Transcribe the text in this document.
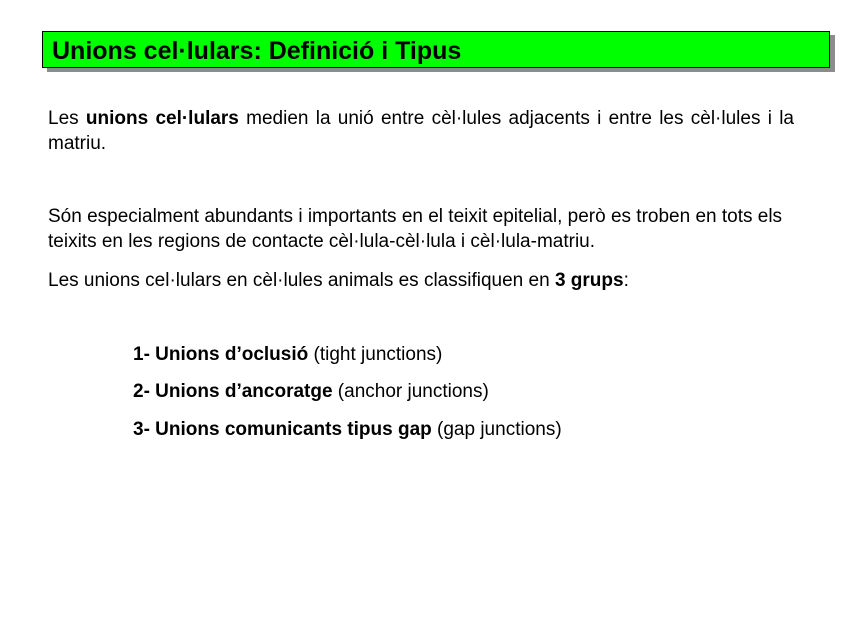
Unions cel·lulars: Definició i Tipus

Les unions cel·lulars medien la unió entre cèl·lules adjacents i entre les cèl·lules i la matriu.

Són especialment abundants i importants en el teixit epitelial, però es troben en tots els teixits en les regions de contacte cèl·lula-cèl·lula i cèl·lula-matriu.

Les unions cel·lulars en cèl·lules animals es classifiquen en 3 grups:

1- Unions d’oclusió (tight junctions)
2- Unions d’ancoratge (anchor junctions)
3- Unions comunicants tipus gap (gap junctions)
